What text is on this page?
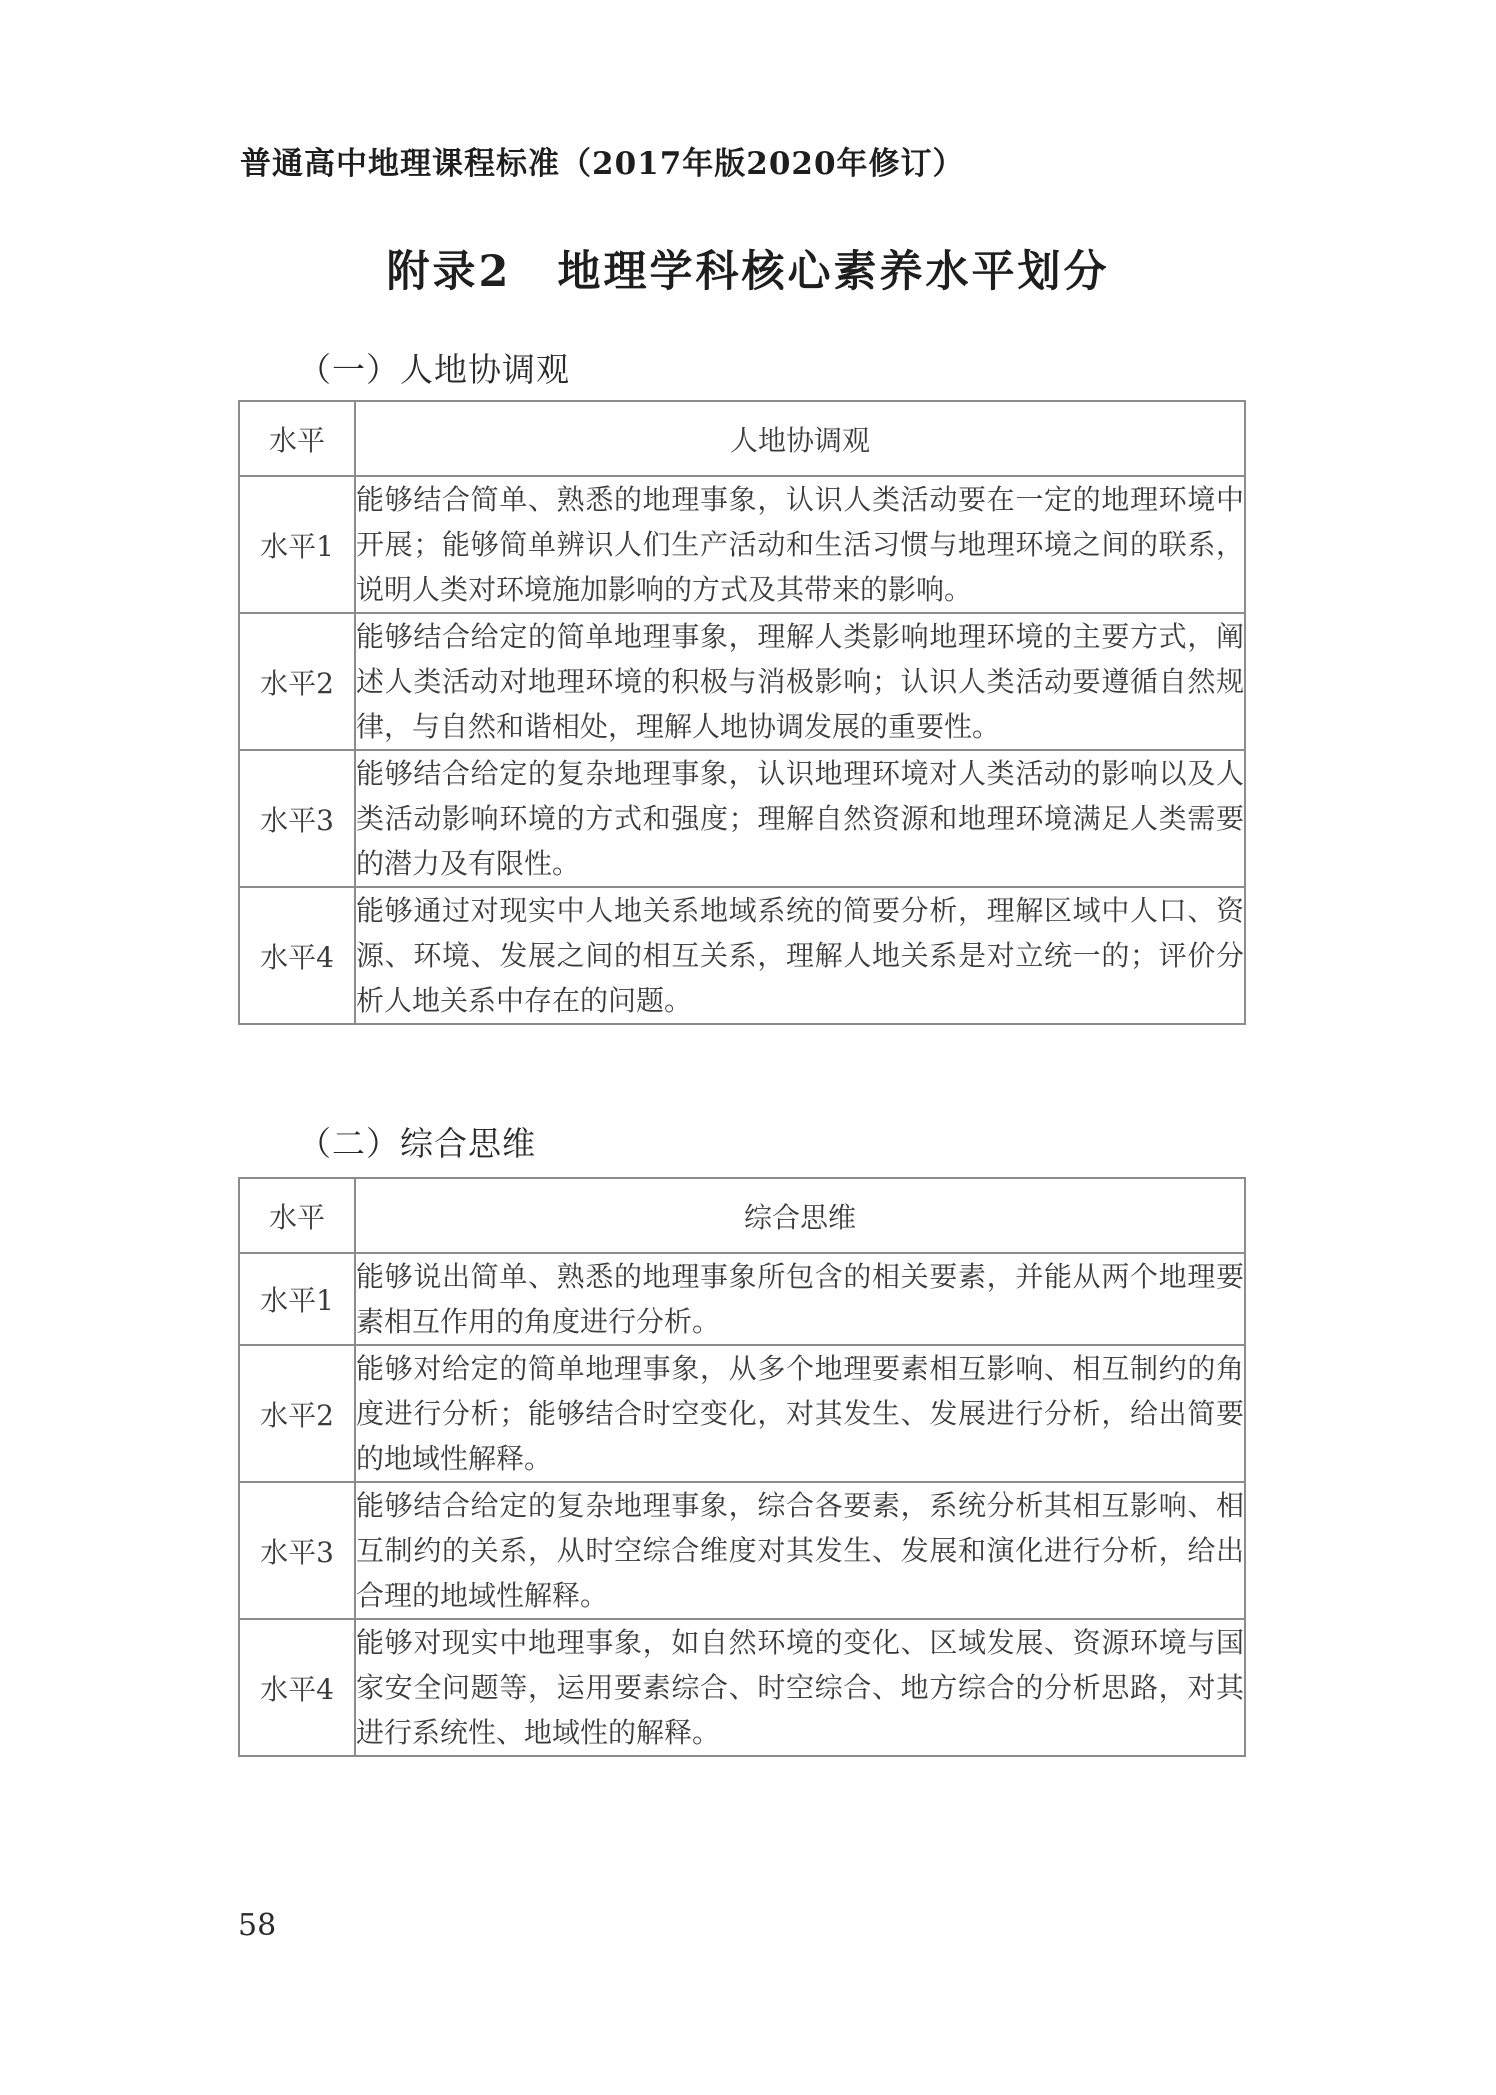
普通高中地理课程标准（2017年版2020年修订）
附录2　地理学科核心素养水平划分
（一）人地协调观
水平	人地协调观
水平1	能够结合简单、熟悉的地理事象，认识人类活动要在一定的地理环境中开展；能够简单辨识人们生产活动和生活习惯与地理环境之间的联系，说明人类对环境施加影响的方式及其带来的影响。
水平2	能够结合给定的简单地理事象，理解人类影响地理环境的主要方式，阐述人类活动对地理环境的积极与消极影响；认识人类活动要遵循自然规律，与自然和谐相处，理解人地协调发展的重要性。
水平3	能够结合给定的复杂地理事象，认识地理环境对人类活动的影响以及人类活动影响环境的方式和强度；理解自然资源和地理环境满足人类需要的潜力及有限性。
水平4	能够通过对现实中人地关系地域系统的简要分析，理解区域中人口、资源、环境、发展之间的相互关系，理解人地关系是对立统一的；评价分析人地关系中存在的问题。
（二）综合思维
水平	综合思维
水平1	能够说出简单、熟悉的地理事象所包含的相关要素，并能从两个地理要素相互作用的角度进行分析。
水平2	能够对给定的简单地理事象，从多个地理要素相互影响、相互制约的角度进行分析；能够结合时空变化，对其发生、发展进行分析，给出简要的地域性解释。
水平3	能够结合给定的复杂地理事象，综合各要素，系统分析其相互影响、相互制约的关系，从时空综合维度对其发生、发展和演化进行分析，给出合理的地域性解释。
水平4	能够对现实中地理事象，如自然环境的变化、区域发展、资源环境与国家安全问题等，运用要素综合、时空综合、地方综合的分析思路，对其进行系统性、地域性的解释。
58
